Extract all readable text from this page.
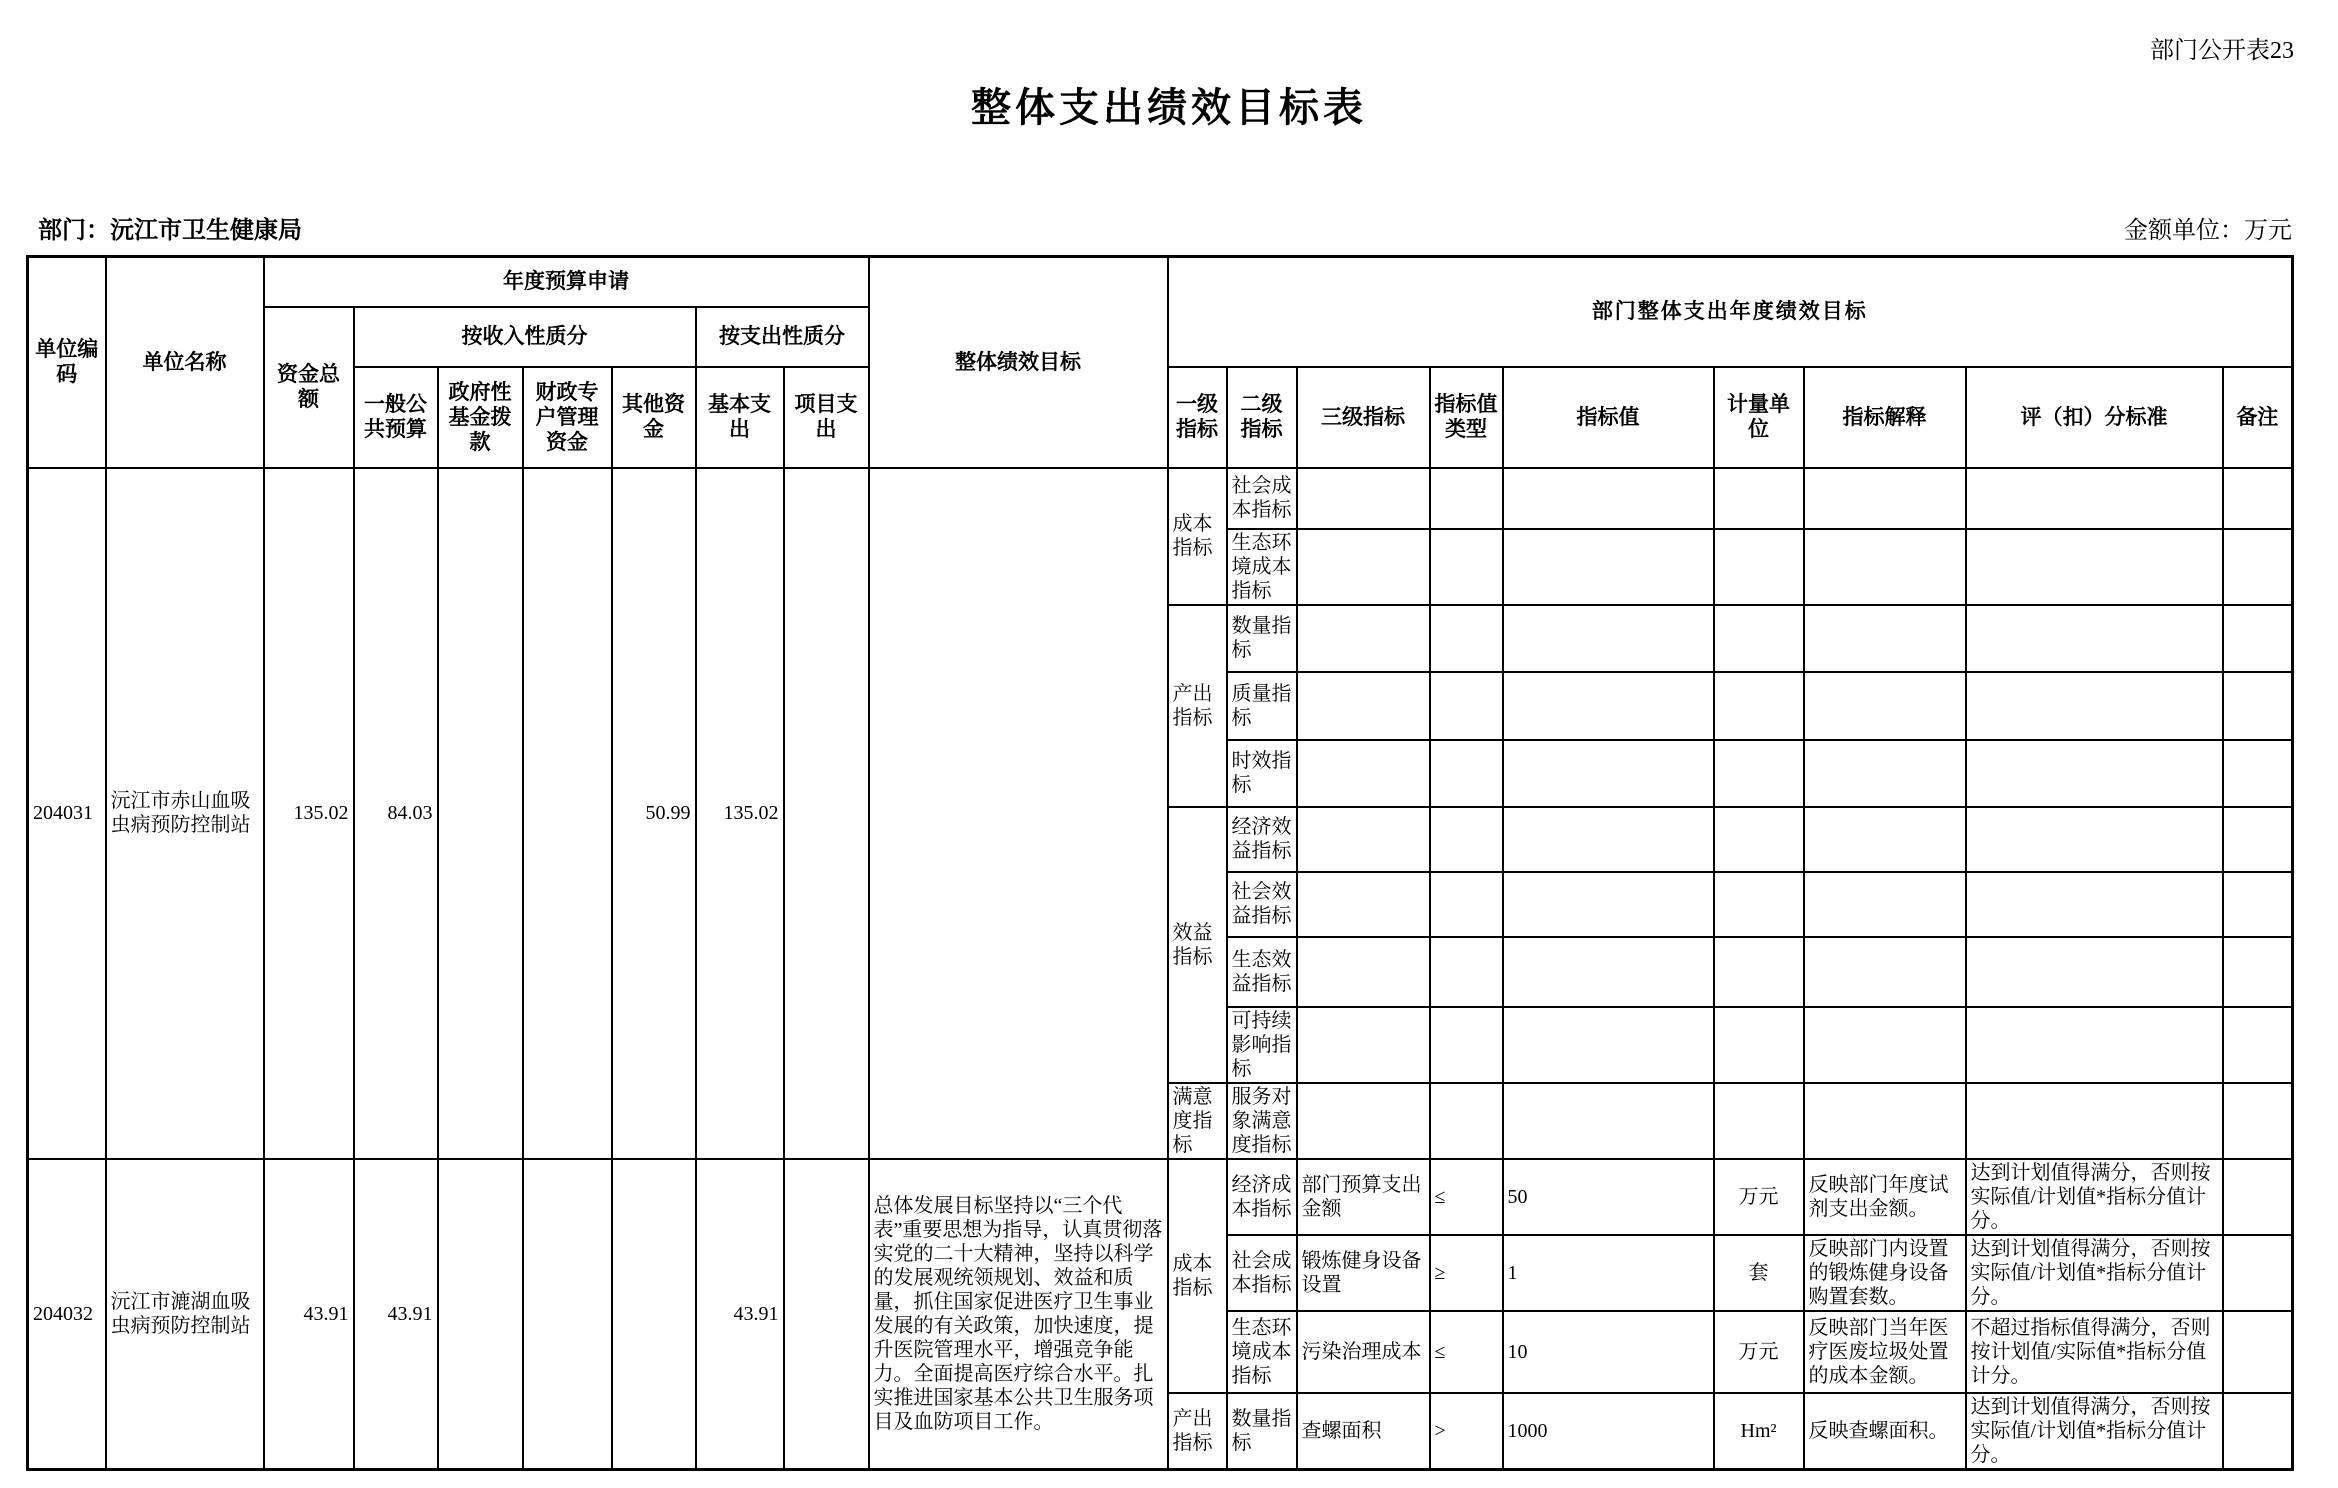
部门公开表23
整体支出绩效目标表
部门：沅江市卫生健康局	金额单位：万元
单位编码	单位名称	年度预算申请							整体绩效目标	部门整体支出年度绩效目标								
		资金总额	按收入性质分				按支出性质分											
			一般公共预算	政府性基金拨款	财政专户管理资金	其他资金	基本支出	项目支出		一级指标	二级指标	三级指标	指标值类型	指标值	计量单位	指标解释	评（扣）分标准	备注
204031	沅江市赤山血吸虫病预防控制站	135.02	84.03			50.99	135.02			成本指标	社会成本指标							
											生态环境成本指标							
										产出指标	数量指标							
											质量指标							
											时效指标							
										效益指标	经济效益指标							
											社会效益指标							
											生态效益指标							
											可持续影响指标							
										满意度指标	服务对象满意度指标							
204032	沅江市漉湖血吸虫病预防控制站	43.91	43.91				43.91		总体发展目标坚持以“三个代表”重要思想为指导，认真贯彻落实党的二十大精神，坚持以科学的发展观统领规划、效益和质量，抓住国家促进医疗卫生事业发展的有关政策，加快速度，提升医院管理水平，增强竞争能力。全面提高医疗综合水平。扎实推进国家基本公共卫生服务项目及血防项目工作。	成本指标	经济成本指标	部门预算支出金额	≤	50	万元	反映部门年度试剂支出金额。	达到计划值得满分，否则按实际值/计划值*指标分值计分。	
											社会成本指标	锻炼健身设备设置	≥	1	套	反映部门内设置的锻炼健身设备购置套数。	达到计划值得满分，否则按实际值/计划值*指标分值计分。	
											生态环境成本指标	污染治理成本	≤	10	万元	反映部门当年医疗医废垃圾处置的成本金额。	不超过指标值得满分，否则按计划值/实际值*指标分值计分。	
										产出指标	数量指标	查螺面积	>	1000	Hm²	反映查螺面积。	达到计划值得满分，否则按实际值/计划值*指标分值计分。	
